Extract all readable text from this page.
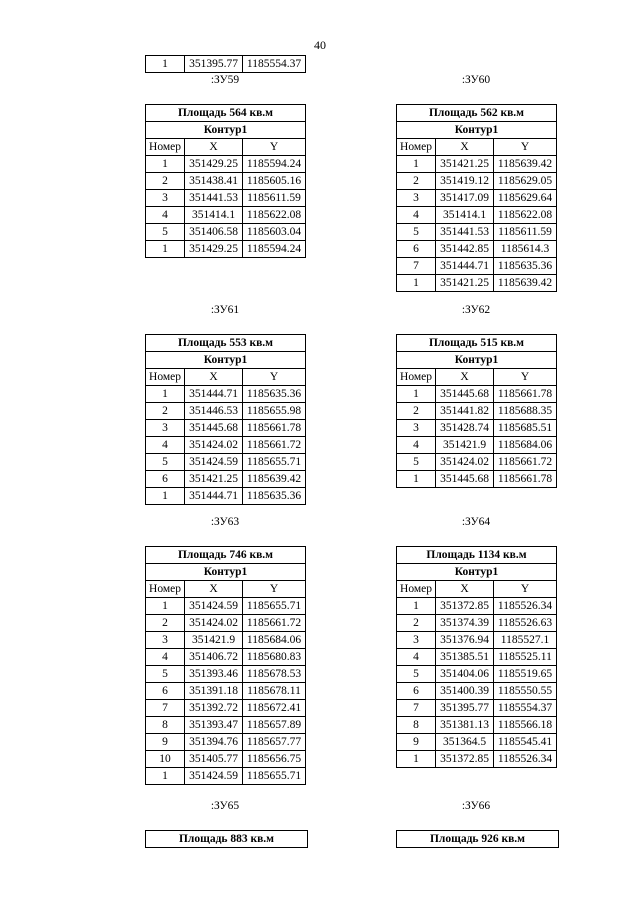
40
1	351395.77	1185554.37
:ЗУ59	:ЗУ60
Площадь 564 кв.м		
Контур1		
Номер	X	Y
1	351429.25	1185594.24
2	351438.41	1185605.16
3	351441.53	1185611.59
4	351414.1	1185622.08
5	351406.58	1185603.04
1	351429.25	1185594.24
Площадь 562 кв.м		
Контур1		
Номер	X	Y
1	351421.25	1185639.42
2	351419.12	1185629.05
3	351417.09	1185629.64
4	351414.1	1185622.08
5	351441.53	1185611.59
6	351442.85	1185614.3
7	351444.71	1185635.36
1	351421.25	1185639.42
:ЗУ61	:ЗУ62
Площадь 553 кв.м		
Контур1		
Номер	X	Y
1	351444.71	1185635.36
2	351446.53	1185655.98
3	351445.68	1185661.78
4	351424.02	1185661.72
5	351424.59	1185655.71
6	351421.25	1185639.42
1	351444.71	1185635.36
Площадь 515 кв.м		
Контур1		
Номер	X	Y
1	351445.68	1185661.78
2	351441.82	1185688.35
3	351428.74	1185685.51
4	351421.9	1185684.06
5	351424.02	1185661.72
1	351445.68	1185661.78
:ЗУ63	:ЗУ64
Площадь 746 кв.м		
Контур1		
Номер	X	Y
1	351424.59	1185655.71
2	351424.02	1185661.72
3	351421.9	1185684.06
4	351406.72	1185680.83
5	351393.46	1185678.53
6	351391.18	1185678.11
7	351392.72	1185672.41
8	351393.47	1185657.89
9	351394.76	1185657.77
10	351405.77	1185656.75
1	351424.59	1185655.71
Площадь 1134 кв.м		
Контур1		
Номер	X	Y
1	351372.85	1185526.34
2	351374.39	1185526.63
3	351376.94	1185527.1
4	351385.51	1185525.11
5	351404.06	1185519.65
6	351400.39	1185550.55
7	351395.77	1185554.37
8	351381.13	1185566.18
9	351364.5	1185545.41
1	351372.85	1185526.34
:ЗУ65	:ЗУ66
Площадь 883 кв.м	Площадь 926 кв.м
